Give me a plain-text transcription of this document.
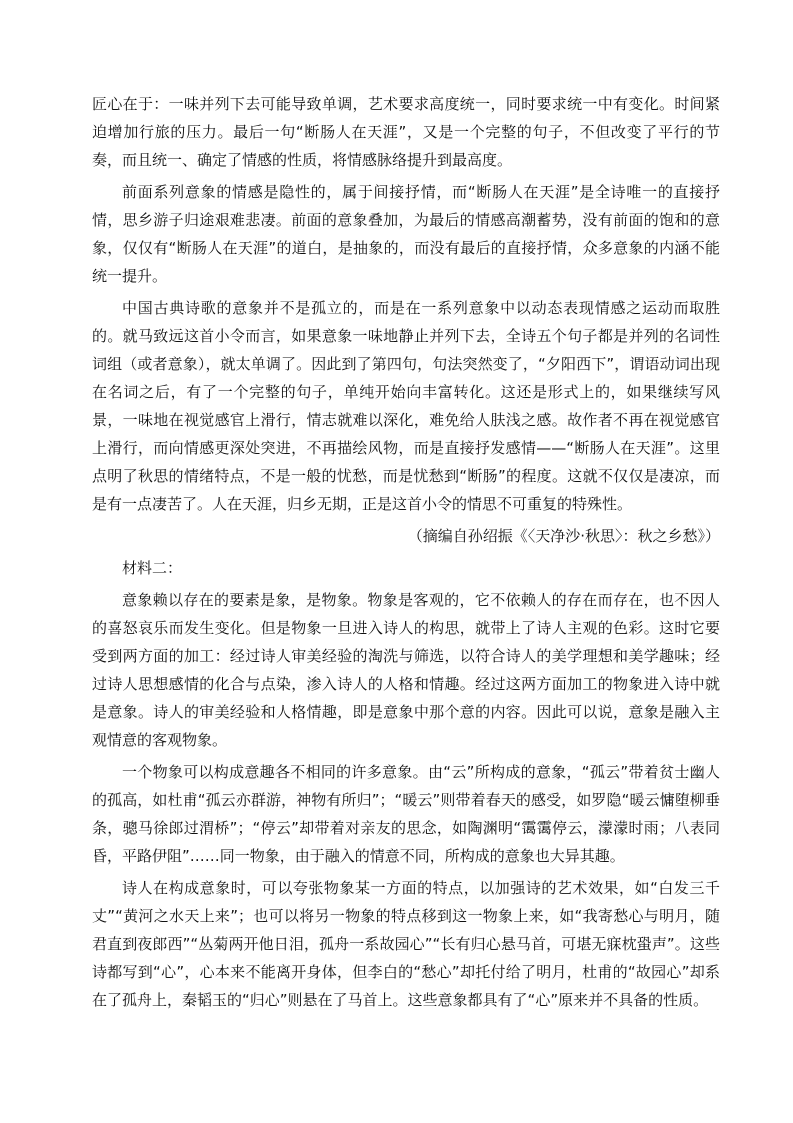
匠心在于：一味并列下去可能导致单调，艺术要求高度统一，同时要求统一中有变化。时间紧迫增加行旅的压力。最后一句“断肠人在天涯”，又是一个完整的句子，不但改变了平行的节奏，而且统一、确定了情感的性质，将情感脉络提升到最高度。

前面系列意象的情感是隐性的，属于间接抒情，而“断肠人在天涯”是全诗唯一的直接抒情，思乡游子归途艰难悲凄。前面的意象叠加，为最后的情感高潮蓄势，没有前面的饱和的意象，仅仅有“断肠人在天涯”的道白，是抽象的，而没有最后的直接抒情，众多意象的内涵不能统一提升。

中国古典诗歌的意象并不是孤立的，而是在一系列意象中以动态表现情感之运动而取胜的。就马致远这首小令而言，如果意象一味地静止并列下去，全诗五个句子都是并列的名词性词组（或者意象），就太单调了。因此到了第四句，句法突然变了，“夕阳西下”，谓语动词出现在名词之后，有了一个完整的句子，单纯开始向丰富转化。这还是形式上的，如果继续写风景，一味地在视觉感官上滑行，情志就难以深化，难免给人肤浅之感。故作者不再在视觉感官上滑行，而向情感更深处突进，不再描绘风物，而是直接抒发感情——“断肠人在天涯”。这里点明了秋思的情绪特点，不是一般的忧愁，而是忧愁到“断肠”的程度。这就不仅仅是凄凉，而是有一点凄苦了。人在天涯，归乡无期，正是这首小令的情思不可重复的特殊性。

（摘编自孙绍振《〈天净沙·秋思〉：秋之乡愁》）

材料二：

意象赖以存在的要素是象，是物象。物象是客观的，它不依赖人的存在而存在，也不因人的喜怒哀乐而发生变化。但是物象一旦进入诗人的构思，就带上了诗人主观的色彩。这时它要受到两方面的加工：经过诗人审美经验的淘洗与筛选，以符合诗人的美学理想和美学趣味；经过诗人思想感情的化合与点染，渗入诗人的人格和情趣。经过这两方面加工的物象进入诗中就是意象。诗人的审美经验和人格情趣，即是意象中那个意的内容。因此可以说，意象是融入主观情意的客观物象。

一个物象可以构成意趣各不相同的许多意象。由“云”所构成的意象，“孤云”带着贫士幽人的孤高，如杜甫“孤云亦群游，神物有所归”；“暖云”则带着春天的感受，如罗隐“暖云慵堕柳垂条，骢马徐郎过渭桥”；“停云”却带着对亲友的思念，如陶渊明“霭霭停云，濛濛时雨；八表同昏，平路伊阻”……同一物象，由于融入的情意不同，所构成的意象也大异其趣。

诗人在构成意象时，可以夸张物象某一方面的特点，以加强诗的艺术效果，如“白发三千丈”“黄河之水天上来”；也可以将另一物象的特点移到这一物象上来，如“我寄愁心与明月，随君直到夜郎西”“丛菊两开他日泪，孤舟一系故园心”“长有归心悬马首，可堪无寐枕蛩声”。这些诗都写到“心”，心本来不能离开身体，但李白的“愁心”却托付给了明月，杜甫的“故园心”却系在了孤舟上，秦韬玉的“归心”则悬在了马首上。这些意象都具有了“心”原来并不具备的性质。
